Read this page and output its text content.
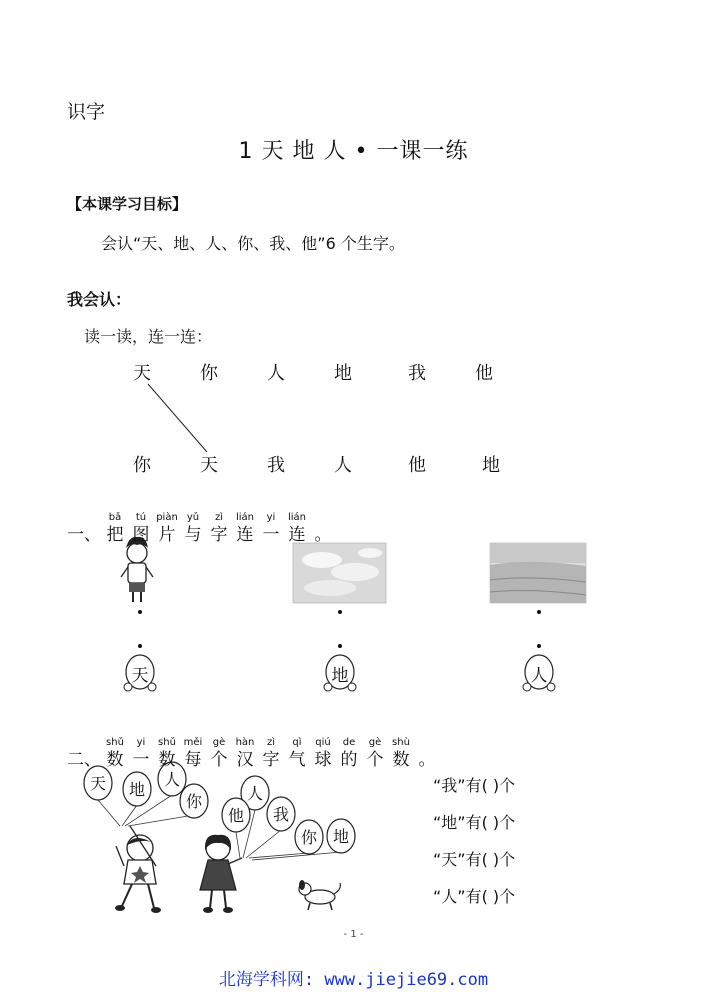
识字
1 天 地 人 • 一课一练
【本课学习目标】
会认“天、地、人、你、我、他”6 个生字。
我会认：
读一读，连一连：
天	你	人	地	我	他
你	天	我	人	他	地
天	地	人
一、
bǎ
把
tú
图
piàn
片
yǔ
与
zì
字
lián
连
yi
一
lián
连 。
二、
shǔ
数
yi
一
shǔ
数
měi
每
gè
个
hàn
汉
zì
字
qì
气
qiú
球
de
的
gè
个
shù
数 。
天	地
人
你	人
他	我
你 地
“我”有( )个
“地”有( )个
“天”有( )个
“人”有( )个
- 1 -
北海学科网: www.jiejie69.com
